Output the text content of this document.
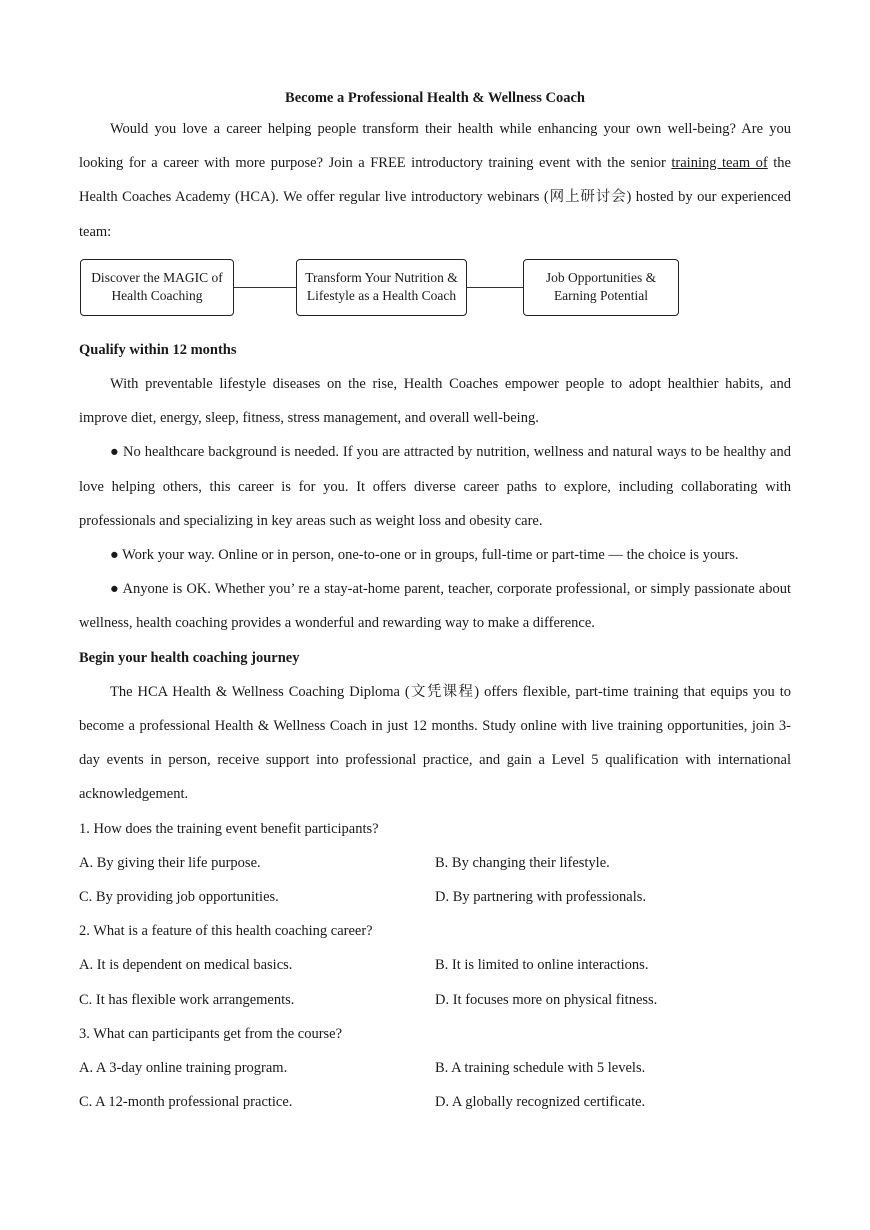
Become a Professional Health & Wellness Coach

Would you love a career helping people transform their health while enhancing your own well-being? Are you looking for a career with more purpose? Join a FREE introductory training event with the senior training team of the Health Coaches Academy (HCA). We offer regular live introductory webinars (网上研讨会) hosted by our experienced team:

Discover the MAGIC of Health Coaching
Transform Your Nutrition & Lifestyle as a Health Coach
Job Opportunities & Earning Potential
Qualify within 12 months

With preventable lifestyle diseases on the rise, Health Coaches empower people to adopt healthier habits, and improve diet, energy, sleep, fitness, stress management, and overall well-being.

● No healthcare background is needed. If you are attracted by nutrition, wellness and natural ways to be healthy and love helping others, this career is for you. It offers diverse career paths to explore, including collaborating with professionals and specializing in key areas such as weight loss and obesity care.

● Work your way. Online or in person, one-to-one or in groups, full-time or part-time — the choice is yours.

● Anyone is OK. Whether you’ re a stay-at-home parent, teacher, corporate professional, or simply passionate about wellness, health coaching provides a wonderful and rewarding way to make a difference.

Begin your health coaching journey

The HCA Health & Wellness Coaching Diploma (文凭课程) offers flexible, part-time training that equips you to become a professional Health & Wellness Coach in just 12 months. Study online with live training opportunities, join 3-day events in person, receive support into professional practice, and gain a Level 5 qualification with international acknowledgement.

1. How does the training event benefit participants?

A. By giving their life purpose.	B. By changing their lifestyle.
C. By providing job opportunities.	D. By partnering with professionals.

2. What is a feature of this health coaching career?

A. It is dependent on medical basics.	B. It is limited to online interactions.
C. It has flexible work arrangements.	D. It focuses more on physical fitness.

3. What can participants get from the course?

A. A 3-day online training program.	B. A training schedule with 5 levels.
C. A 12-month professional practice.	D. A globally recognized certificate.
